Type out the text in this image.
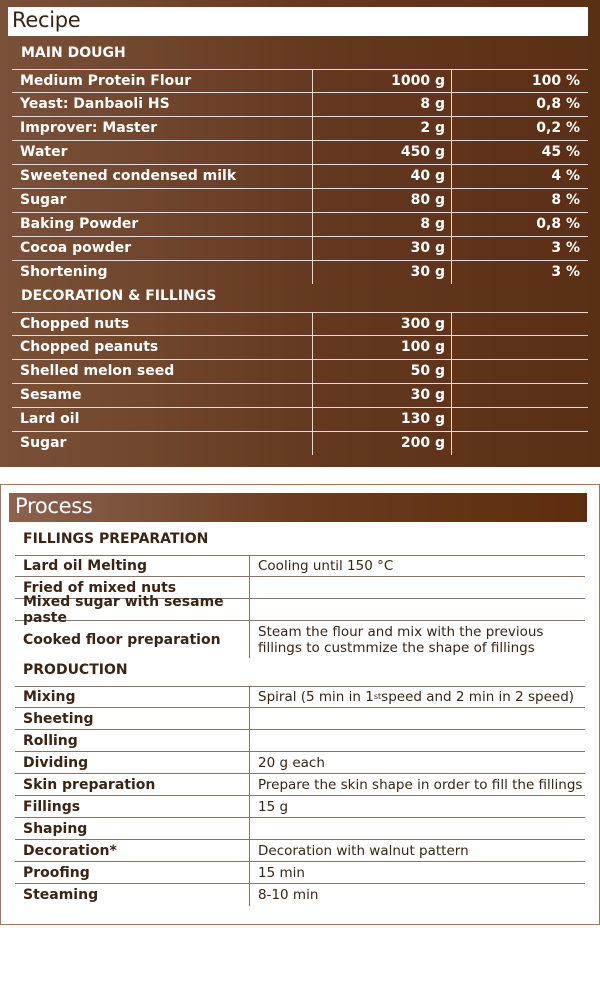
Recipe
MAIN DOUGH
Medium Protein Flour	1000 g	100 %
Yeast: Danbaoli HS	8 g	0,8 %
Improver: Master	2 g	0,2 %
Water	450 g	45 %
Sweetened condensed milk	40 g	4 %
Sugar	80 g	8 %
Baking Powder	8 g	0,8 %
Cocoa powder	30 g	3 %
Shortening	30 g	3 %
DECORATION & FILLINGS
Chopped nuts	300 g
Chopped peanuts	100 g
Shelled melon seed	50 g
Sesame	30 g
Lard oil	130 g
Sugar	200 g
Process
FILLINGS PREPARATION
Lard oil Melting	Cooling until 150 °C
Fried of mixed nuts
Mixed sugar with sesame paste
Cooked floor preparation	Steam the flour and mix with the previous fillings to custmmize the shape of fillings
PRODUCTION
Mixing	Spiral (5 min in 1 st speed and 2 min in 2 speed)
Sheeting
Rolling
Dividing	20 g each
Skin preparation	Prepare the skin shape in order to fill the fillings
Fillings	15 g
Shaping
Decoration*	Decoration with walnut pattern
Proofing	15 min
Steaming	8-10 min
